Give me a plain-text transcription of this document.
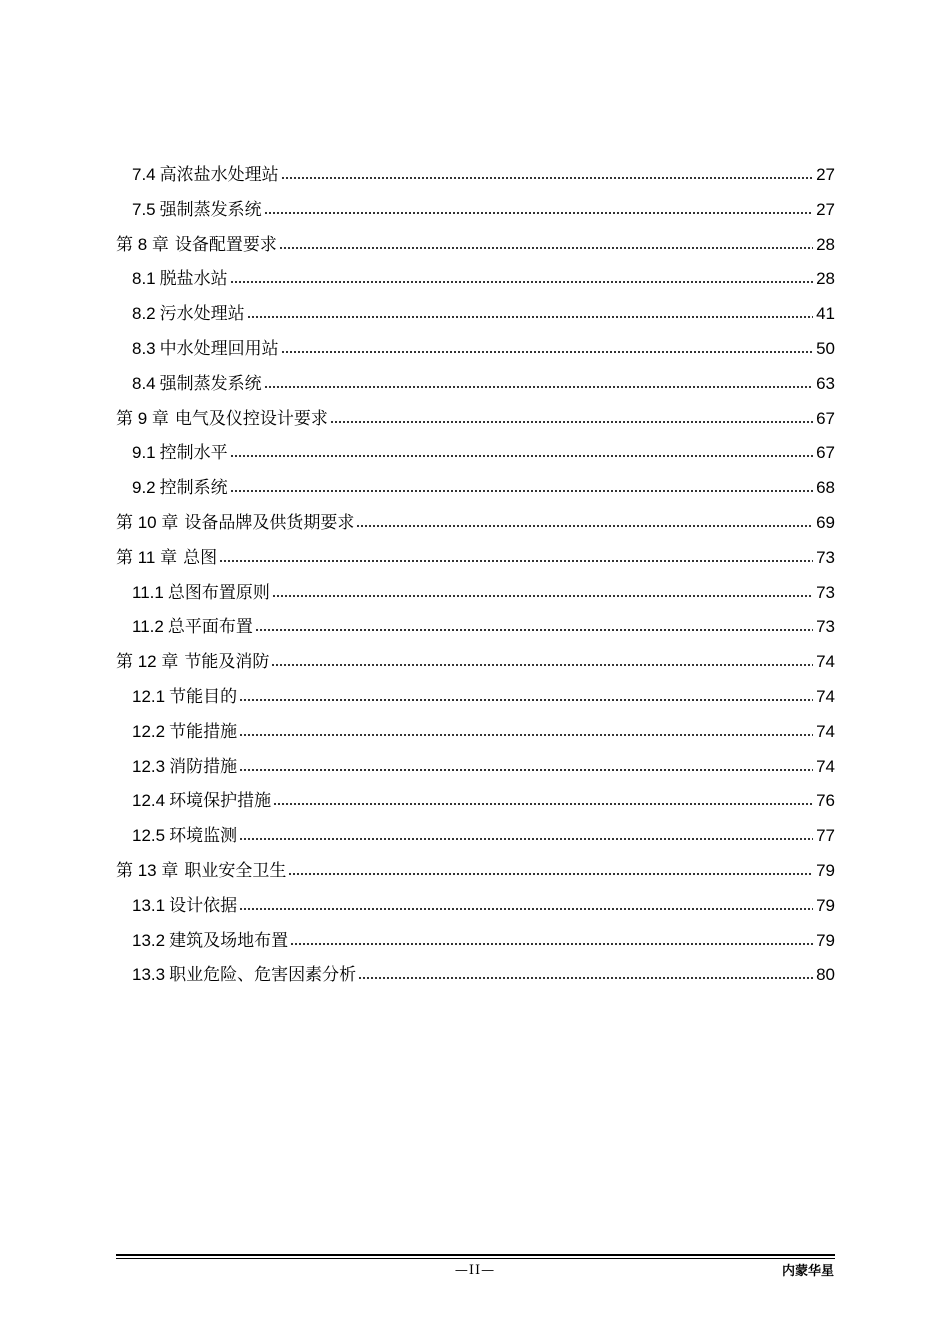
7.4 高浓盐水处理站	27
7.5 强制蒸发系统	27
第 8 章 设备配置要求	28
8.1 脱盐水站	28
8.2 污水处理站	41
8.3 中水处理回用站	50
8.4 强制蒸发系统	63
第 9 章 电气及仪控设计要求	67
9.1 控制水平	67
9.2 控制系统	68
第 10 章 设备品牌及供货期要求	69
第 11 章 总图	73
11.1 总图布置原则	73
11.2 总平面布置	73
第 12 章 节能及消防	74
12.1 节能目的	74
12.2 节能措施	74
12.3 消防措施	74
12.4 环境保护措施	76
12.5 环境监测	77
第 13 章 职业安全卫生	79
13.1 设计依据	79
13.2 建筑及场地布置	79
13.3 职业危险、危害因素分析	80
—II—	内蒙华星
